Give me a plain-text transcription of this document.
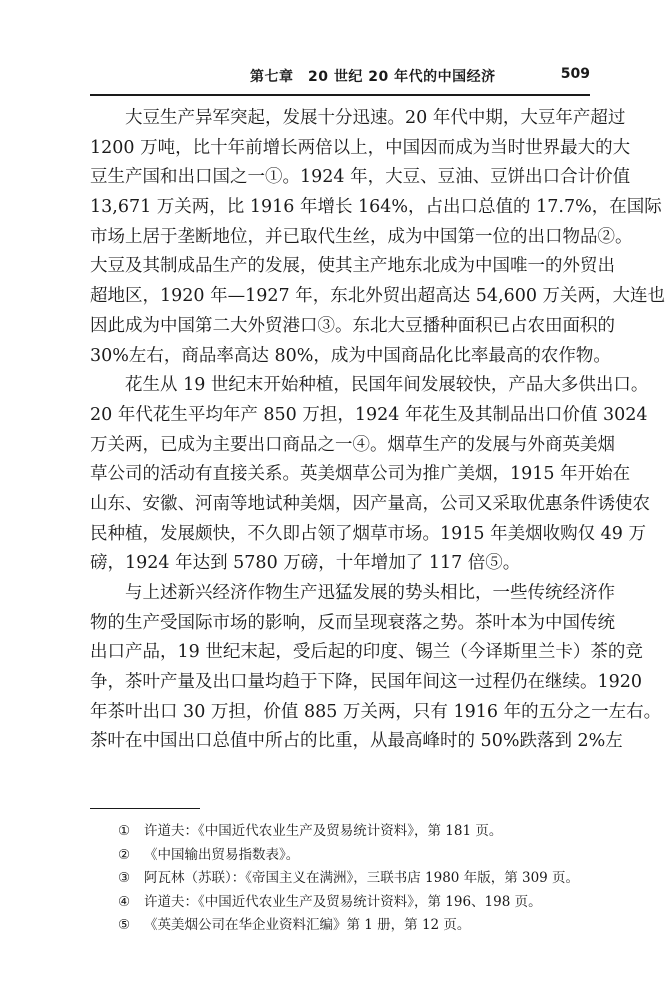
第七章　20 世纪 20 年代的中国经济	509
大豆生产异军突起，发展十分迅速。20 年代中期，大豆年产超过
1200 万吨，比十年前增长两倍以上，中国因而成为当时世界最大的大
豆生产国和出口国之一①。1924 年，大豆、豆油、豆饼出口合计价值
13,671 万关两，比 1916 年增长 164%，占出口总值的 17.7%，在国际
市场上居于垄断地位，并已取代生丝，成为中国第一位的出口物品②。
大豆及其制成品生产的发展，使其主产地东北成为中国唯一的外贸出
超地区，1920 年—1927 年，东北外贸出超高达 54,600 万关两，大连也
因此成为中国第二大外贸港口③。东北大豆播种面积已占农田面积的
30%左右，商品率高达 80%，成为中国商品化比率最高的农作物。
花生从 19 世纪末开始种植，民国年间发展较快，产品大多供出口。
20 年代花生平均年产 850 万担，1924 年花生及其制品出口价值 3024
万关两，已成为主要出口商品之一④。烟草生产的发展与外商英美烟
草公司的活动有直接关系。英美烟草公司为推广美烟，1915 年开始在
山东、安徽、河南等地试种美烟，因产量高，公司又采取优惠条件诱使农
民种植，发展颇快，不久即占领了烟草市场。1915 年美烟收购仅 49 万
磅，1924 年达到 5780 万磅，十年增加了 117 倍⑤。
与上述新兴经济作物生产迅猛发展的势头相比，一些传统经济作
物的生产受国际市场的影响，反而呈现衰落之势。茶叶本为中国传统
出口产品，19 世纪末起，受后起的印度、锡兰（今译斯里兰卡）茶的竞
争，茶叶产量及出口量均趋于下降，民国年间这一过程仍在继续。1920
年茶叶出口 30 万担，价值 885 万关两，只有 1916 年的五分之一左右。
茶叶在中国出口总值中所占的比重，从最高峰时的 50%跌落到 2%左
① 许道夫：《中国近代农业生产及贸易统计资料》，第 181 页。
② 《中国输出贸易指数表》。
③ 阿瓦林（苏联）：《帝国主义在满洲》，三联书店 1980 年版，第 309 页。
④ 许道夫：《中国近代农业生产及贸易统计资料》，第 196、198 页。
⑤ 《英美烟公司在华企业资料汇编》第 1 册，第 12 页。
